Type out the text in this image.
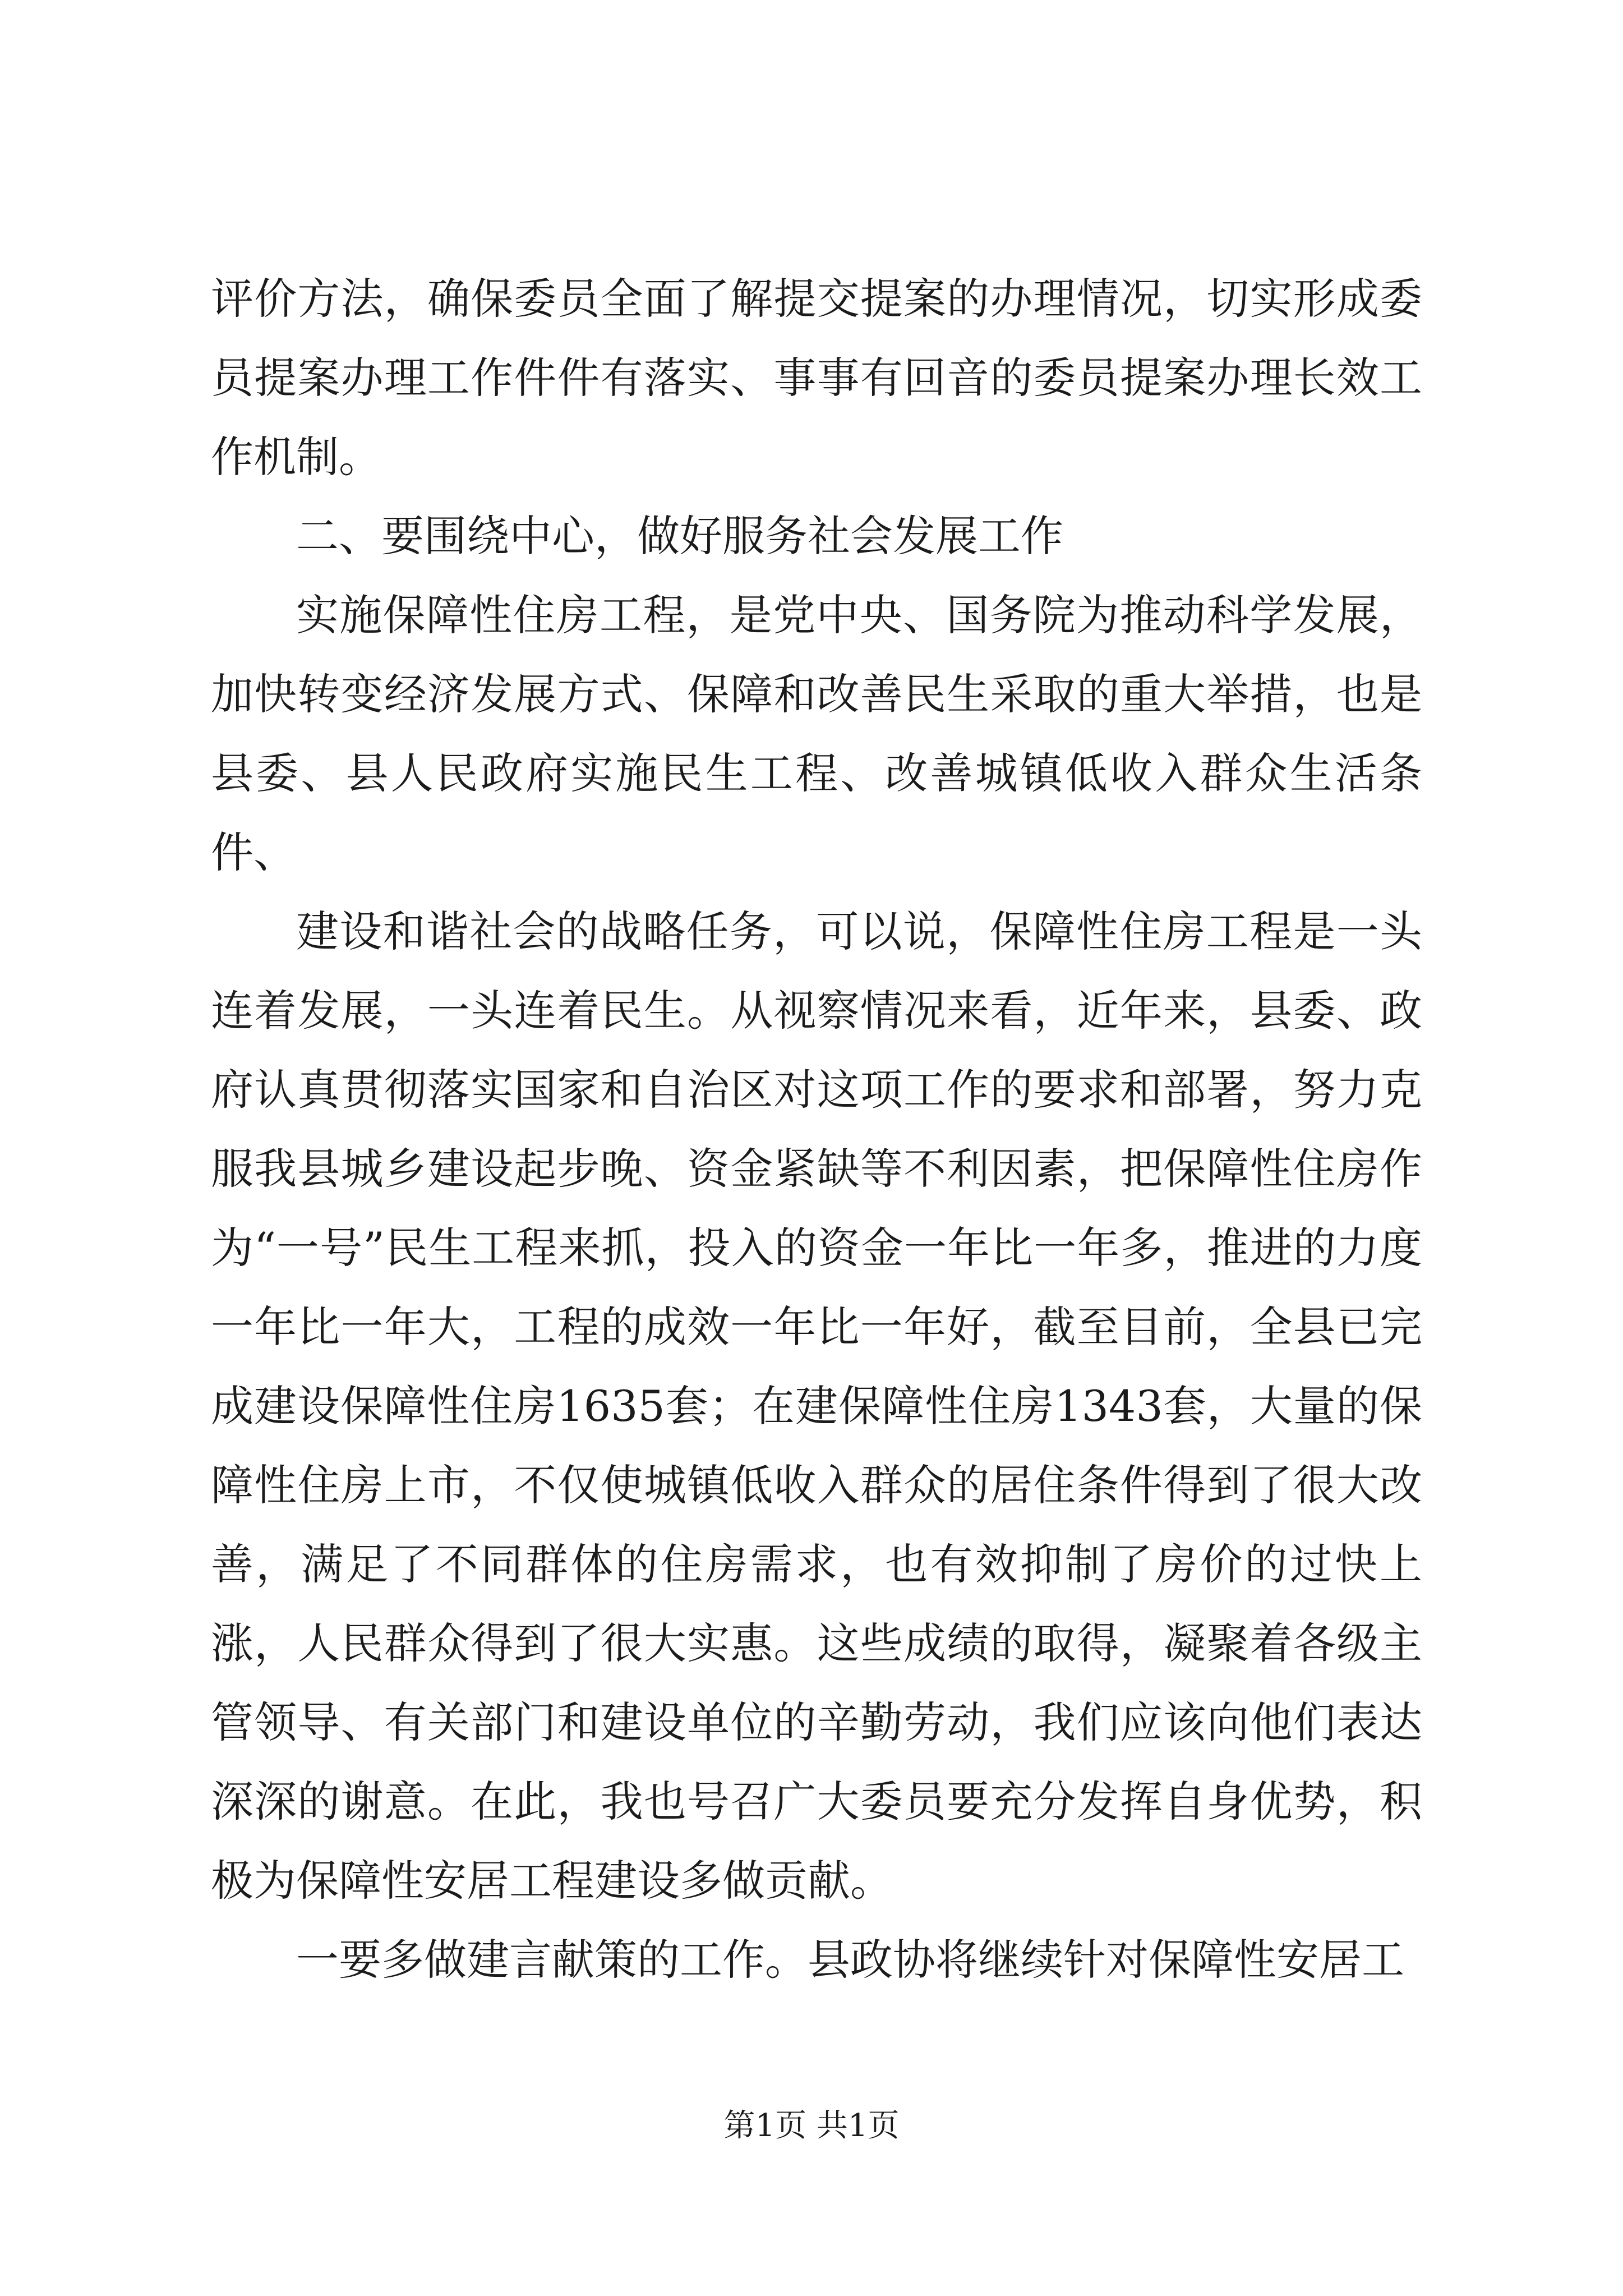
评价方法，确保委员全面了解提交提案的办理情况，切实形成委员提案办理工作件件有落实、事事有回音的委员提案办理长效工作机制。

二、要围绕中心，做好服务社会发展工作

实施保障性住房工程，是党中央、国务院为推动科学发展，加快转变经济发展方式、保障和改善民生采取的重大举措，也是县委、县人民政府实施民生工程、改善城镇低收入群众生活条件、

建设和谐社会的战略任务，可以说，保障性住房工程是一头连着发展，一头连着民生。从视察情况来看，近年来，县委、政府认真贯彻落实国家和自治区对这项工作的要求和部署，努力克服我县城乡建设起步晚、资金紧缺等不利因素，把保障性住房作为“一号”民生工程来抓，投入的资金一年比一年多，推进的力度一年比一年大，工程的成效一年比一年好，截至目前，全县已完成建设保障性住房1635套；在建保障性住房1343套，大量的保障性住房上市，不仅使城镇低收入群众的居住条件得到了很大改善，满足了不同群体的住房需求，也有效抑制了房价的过快上涨，人民群众得到了很大实惠。这些成绩的取得，凝聚着各级主管领导、有关部门和建设单位的辛勤劳动，我们应该向他们表达深深的谢意。在此，我也号召广大委员要充分发挥自身优势，积极为保障性安居工程建设多做贡献。

一要多做建言献策的工作。县政协将继续针对保障性安居工

第1页 共1页
